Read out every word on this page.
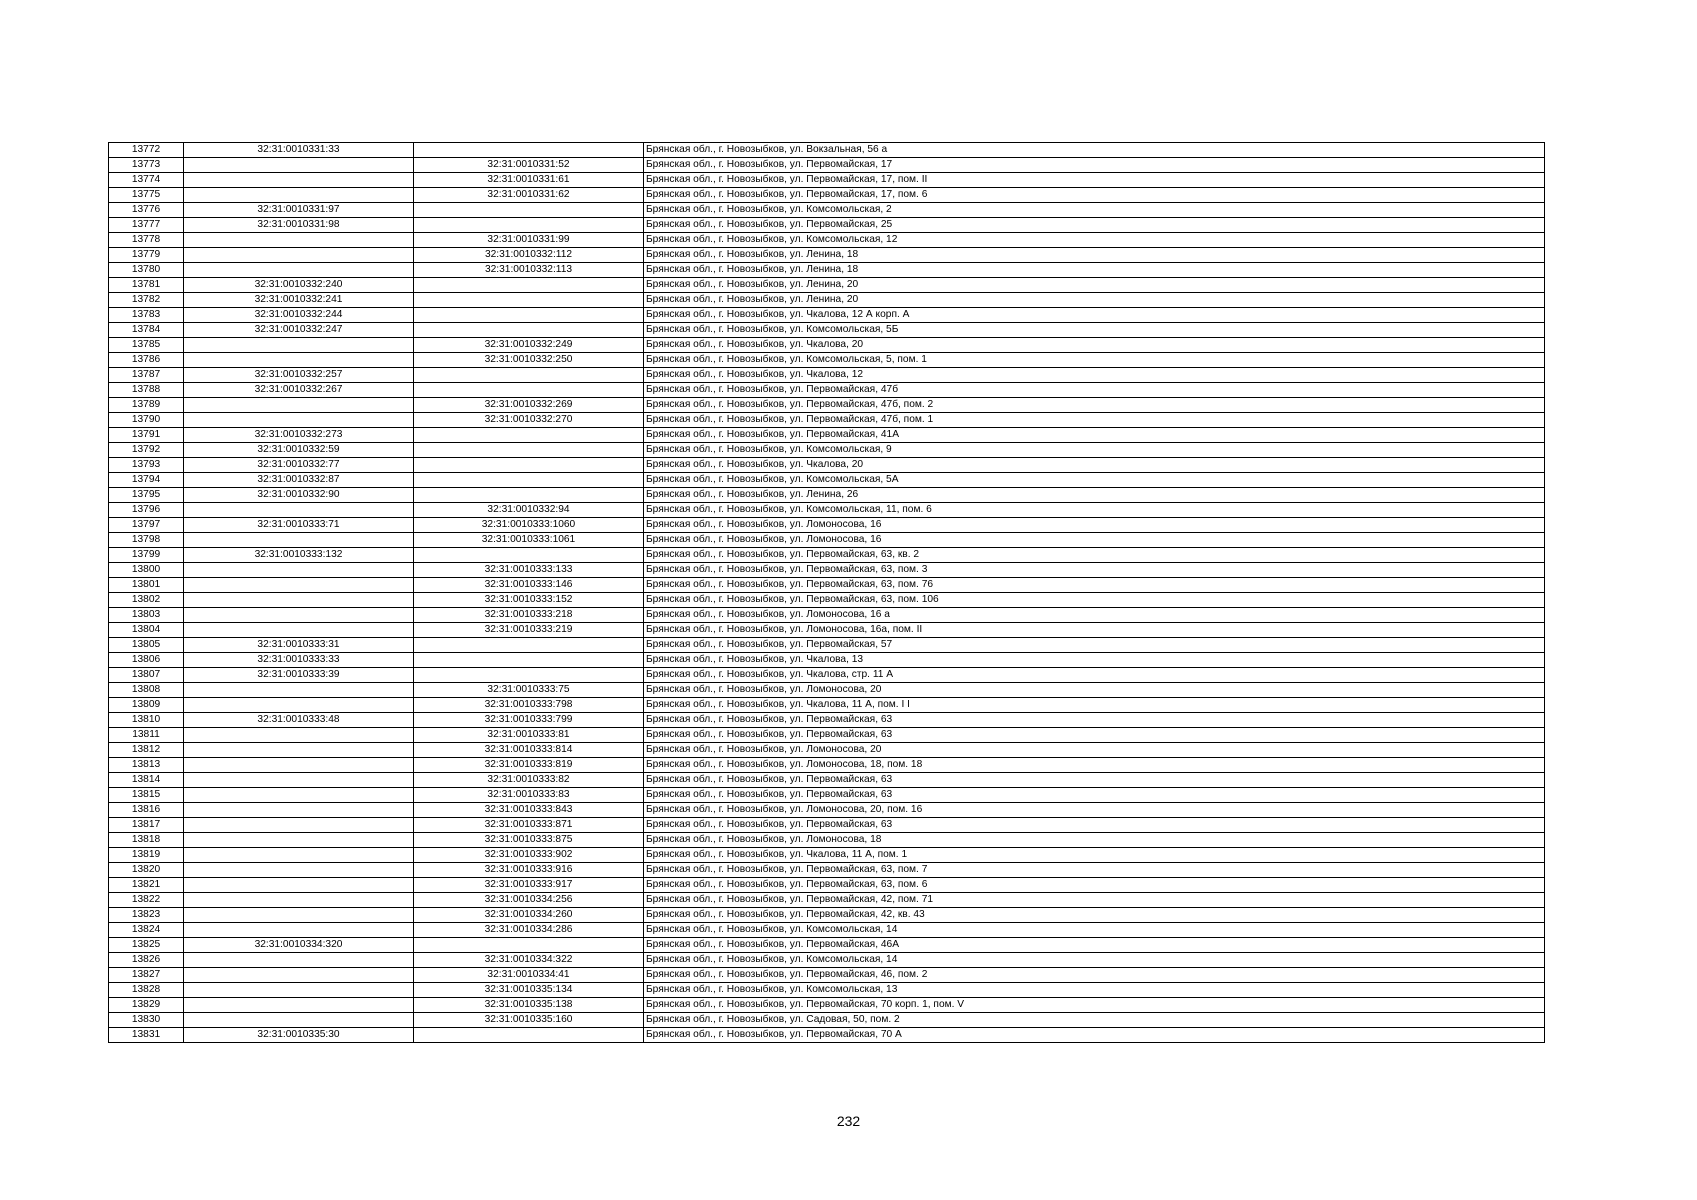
13772	32:31:0010331:33		Брянская обл., г. Новозыбков, ул. Вокзальная, 56 а
13773		32:31:0010331:52	Брянская обл., г. Новозыбков, ул. Первомайская, 17
13774		32:31:0010331:61	Брянская обл., г. Новозыбков, ул. Первомайская, 17, пом. II
13775		32:31:0010331:62	Брянская обл., г. Новозыбков, ул. Первомайская, 17, пом. 6
13776	32:31:0010331:97		Брянская обл., г. Новозыбков, ул. Комсомольская, 2
13777	32:31:0010331:98		Брянская обл., г. Новозыбков, ул. Первомайская, 25
13778		32:31:0010331:99	Брянская обл., г. Новозыбков, ул. Комсомольская, 12
13779		32:31:0010332:112	Брянская обл., г. Новозыбков, ул. Ленина, 18
13780		32:31:0010332:113	Брянская обл., г. Новозыбков, ул. Ленина, 18
13781	32:31:0010332:240		Брянская обл., г. Новозыбков, ул. Ленина, 20
13782	32:31:0010332:241		Брянская обл., г. Новозыбков, ул. Ленина, 20
13783	32:31:0010332:244		Брянская обл., г. Новозыбков, ул. Чкалова, 12 А корп. А
13784	32:31:0010332:247		Брянская обл., г. Новозыбков, ул. Комсомольская, 5Б
13785		32:31:0010332:249	Брянская обл., г. Новозыбков, ул. Чкалова, 20
13786		32:31:0010332:250	Брянская обл., г. Новозыбков, ул. Комсомольская, 5, пом. 1
13787	32:31:0010332:257		Брянская обл., г. Новозыбков, ул. Чкалова, 12
13788	32:31:0010332:267		Брянская обл., г. Новозыбков, ул. Первомайская, 47б
13789		32:31:0010332:269	Брянская обл., г. Новозыбков, ул. Первомайская, 47б, пом. 2
13790		32:31:0010332:270	Брянская обл., г. Новозыбков, ул. Первомайская, 47б, пом. 1
13791	32:31:0010332:273		Брянская обл., г. Новозыбков, ул. Первомайская, 41А
13792	32:31:0010332:59		Брянская обл., г. Новозыбков, ул. Комсомольская, 9
13793	32:31:0010332:77		Брянская обл., г. Новозыбков, ул. Чкалова, 20
13794	32:31:0010332:87		Брянская обл., г. Новозыбков, ул. Комсомольская, 5А
13795	32:31:0010332:90		Брянская обл., г. Новозыбков, ул. Ленина, 26
13796		32:31:0010332:94	Брянская обл., г. Новозыбков, ул. Комсомольская, 11, пом. 6
13797	32:31:0010333:71	32:31:0010333:1060	Брянская обл., г. Новозыбков, ул. Ломоносова, 16
13798		32:31:0010333:1061	Брянская обл., г. Новозыбков, ул. Ломоносова, 16
13799	32:31:0010333:132		Брянская обл., г. Новозыбков, ул. Первомайская, 63, кв. 2
13800		32:31:0010333:133	Брянская обл., г. Новозыбков, ул. Первомайская, 63, пом. 3
13801		32:31:0010333:146	Брянская обл., г. Новозыбков, ул. Первомайская, 63, пом. 76
13802		32:31:0010333:152	Брянская обл., г. Новозыбков, ул. Первомайская, 63, пом. 106
13803		32:31:0010333:218	Брянская обл., г. Новозыбков, ул. Ломоносова, 16 а
13804		32:31:0010333:219	Брянская обл., г. Новозыбков, ул. Ломоносова, 16а, пом. II
13805	32:31:0010333:31		Брянская обл., г. Новозыбков, ул. Первомайская, 57
13806	32:31:0010333:33		Брянская обл., г. Новозыбков, ул. Чкалова, 13
13807	32:31:0010333:39		Брянская обл., г. Новозыбков, ул. Чкалова, стр. 11 А
13808		32:31:0010333:75	Брянская обл., г. Новозыбков, ул. Ломоносова, 20
13809		32:31:0010333:798	Брянская обл., г. Новозыбков, ул. Чкалова, 11 А, пом. I I
13810	32:31:0010333:48	32:31:0010333:799	Брянская обл., г. Новозыбков, ул. Первомайская, 63
13811		32:31:0010333:81	Брянская обл., г. Новозыбков, ул. Первомайская, 63
13812		32:31:0010333:814	Брянская обл., г. Новозыбков, ул. Ломоносова, 20
13813		32:31:0010333:819	Брянская обл., г. Новозыбков, ул. Ломоносова, 18, пом. 18
13814		32:31:0010333:82	Брянская обл., г. Новозыбков, ул. Первомайская, 63
13815		32:31:0010333:83	Брянская обл., г. Новозыбков, ул. Первомайская, 63
13816		32:31:0010333:843	Брянская обл., г. Новозыбков, ул. Ломоносова, 20, пом. 16
13817		32:31:0010333:871	Брянская обл., г. Новозыбков, ул. Первомайская, 63
13818		32:31:0010333:875	Брянская обл., г. Новозыбков, ул. Ломоносова, 18
13819		32:31:0010333:902	Брянская обл., г. Новозыбков, ул. Чкалова, 11 А, пом. 1
13820		32:31:0010333:916	Брянская обл., г. Новозыбков, ул. Первомайская, 63, пом. 7
13821		32:31:0010333:917	Брянская обл., г. Новозыбков, ул. Первомайская, 63, пом. 6
13822		32:31:0010334:256	Брянская обл., г. Новозыбков, ул. Первомайская, 42, пом. 71
13823		32:31:0010334:260	Брянская обл., г. Новозыбков, ул. Первомайская, 42, кв. 43
13824		32:31:0010334:286	Брянская обл., г. Новозыбков, ул. Комсомольская, 14
13825	32:31:0010334:320		Брянская обл., г. Новозыбков, ул. Первомайская, 46А
13826		32:31:0010334:322	Брянская обл., г. Новозыбков, ул. Комсомольская, 14
13827		32:31:0010334:41	Брянская обл., г. Новозыбков, ул. Первомайская, 46, пом. 2
13828		32:31:0010335:134	Брянская обл., г. Новозыбков, ул. Комсомольская, 13
13829		32:31:0010335:138	Брянская обл., г. Новозыбков, ул. Первомайская, 70 корп. 1, пом. V
13830		32:31:0010335:160	Брянская обл., г. Новозыбков, ул. Садовая, 50, пом. 2
13831	32:31:0010335:30		Брянская обл., г. Новозыбков, ул. Первомайская, 70 А
232
